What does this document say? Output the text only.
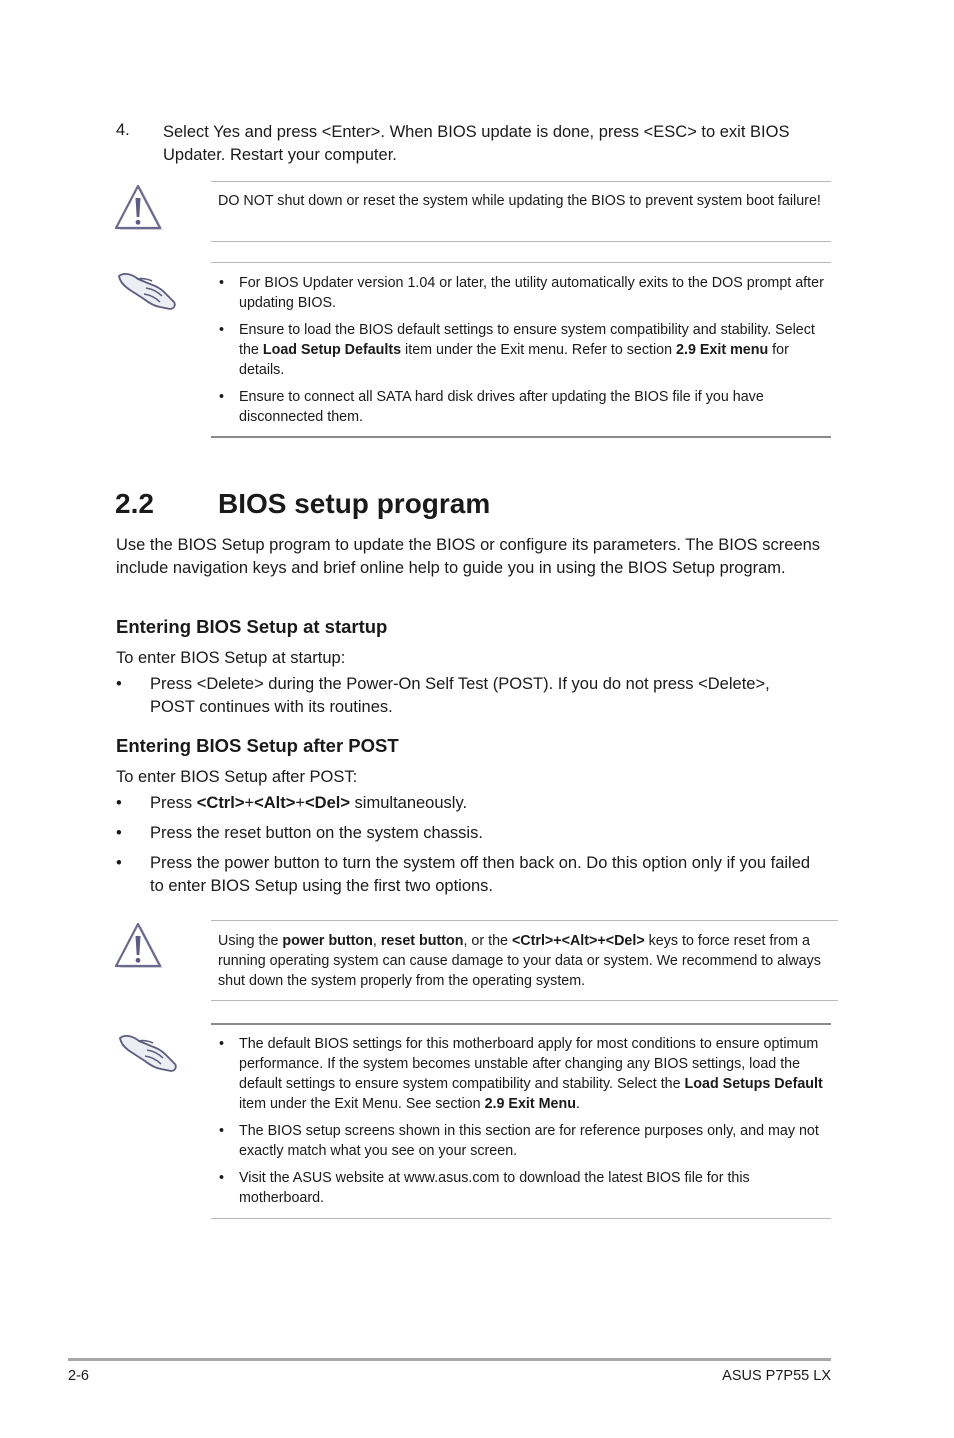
4. Select Yes and press <Enter>. When BIOS update is done, press <ESC> to exit BIOS Updater. Restart your computer.
DO NOT shut down or reset the system while updating the BIOS to prevent system boot failure!
• For BIOS Updater version 1.04 or later, the utility automatically exits to the DOS prompt after updating BIOS.
• Ensure to load the BIOS default settings to ensure system compatibility and stability. Select the Load Setup Defaults item under the Exit menu. Refer to section 2.9 Exit menu for details.
• Ensure to connect all SATA hard disk drives after updating the BIOS file if you have disconnected them.
2.2 BIOS setup program
Use the BIOS Setup program to update the BIOS or configure its parameters. The BIOS screens include navigation keys and brief online help to guide you in using the BIOS Setup program.
Entering BIOS Setup at startup
To enter BIOS Setup at startup:
• Press <Delete> during the Power-On Self Test (POST). If you do not press <Delete>, POST continues with its routines.
Entering BIOS Setup after POST
To enter BIOS Setup after POST:
• Press <Ctrl>+<Alt>+<Del> simultaneously.
• Press the reset button on the system chassis.
• Press the power button to turn the system off then back on. Do this option only if you failed to enter BIOS Setup using the first two options.
Using the power button, reset button, or the <Ctrl>+<Alt>+<Del> keys to force reset from a running operating system can cause damage to your data or system. We recommend to always shut down the system properly from the operating system.
• The default BIOS settings for this motherboard apply for most conditions to ensure optimum performance. If the system becomes unstable after changing any BIOS settings, load the default settings to ensure system compatibility and stability. Select the Load Setups Default item under the Exit Menu. See section 2.9 Exit Menu.
• The BIOS setup screens shown in this section are for reference purposes only, and may not exactly match what you see on your screen.
• Visit the ASUS website at www.asus.com to download the latest BIOS file for this motherboard.
2-6	ASUS P7P55 LX
